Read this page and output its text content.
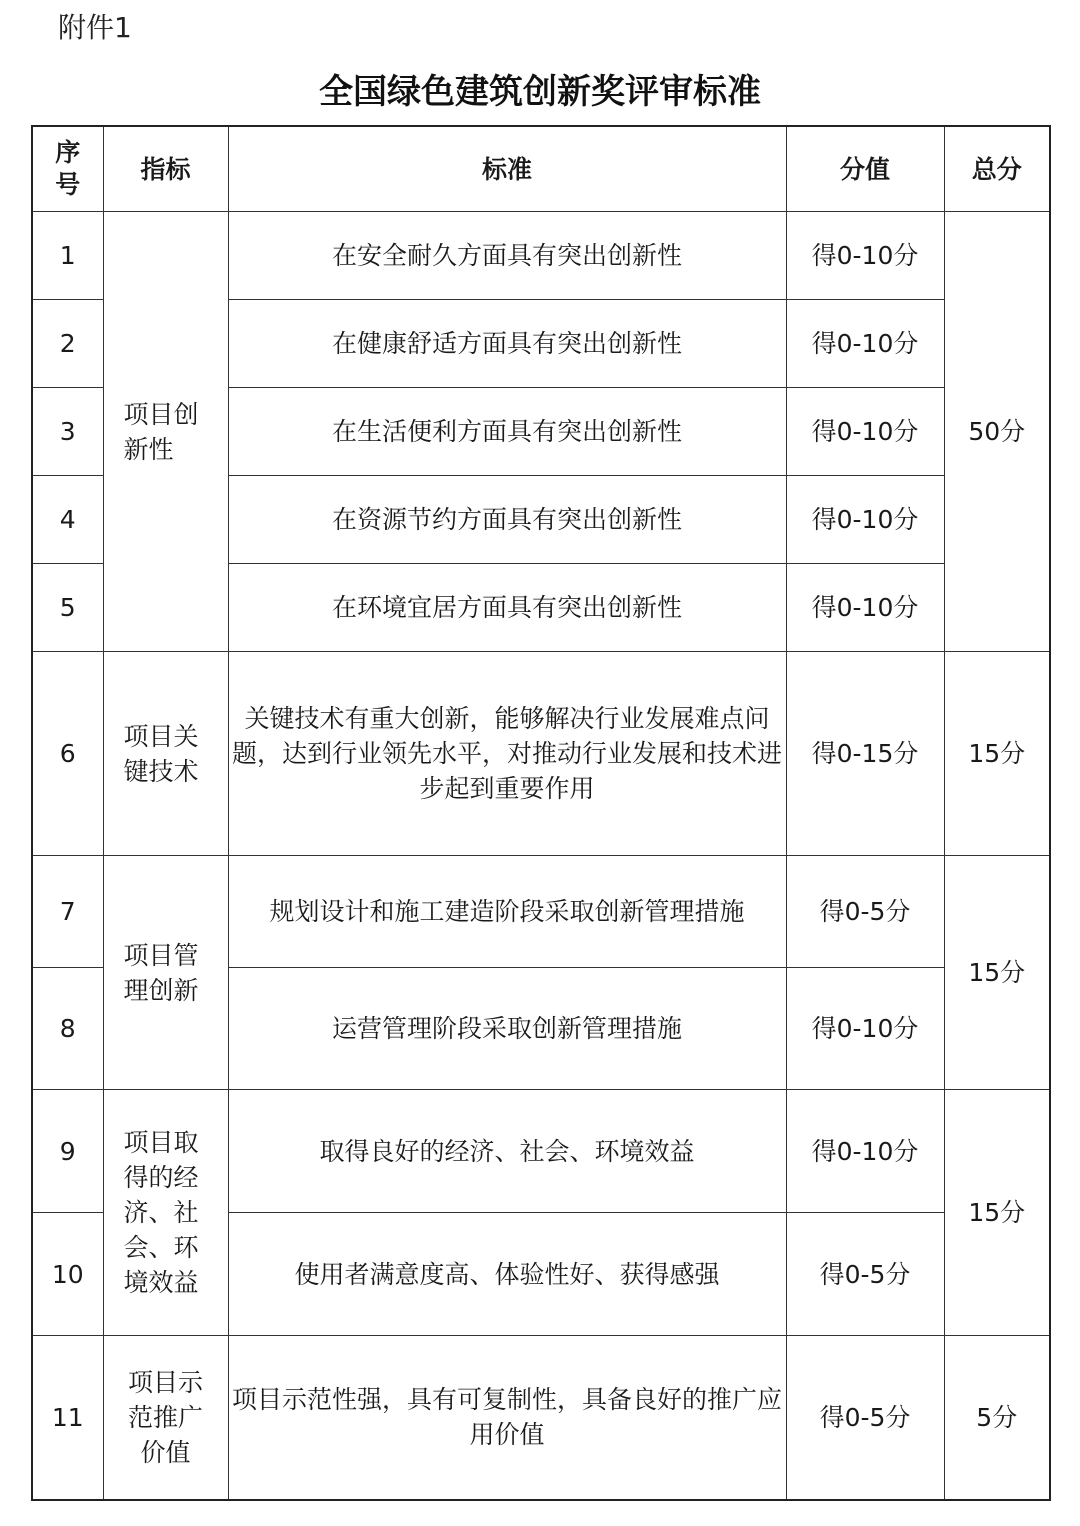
附件1
全国绿色建筑创新奖评审标准
序
号	指标	标准	分值	总分
1	项目创新性	在安全耐久方面具有突出创新性	得0-10分	50分
2		在健康舒适方面具有突出创新性	得0-10分	
3		在生活便利方面具有突出创新性	得0-10分	
4		在资源节约方面具有突出创新性	得0-10分	
5		在环境宜居方面具有突出创新性	得0-10分	
6	项目关键技术	关键技术有重大创新，能够解决行业发展难点问题，达到行业领先水平，对推动行业发展和技术进步起到重要作用	得0-15分	15分
7	项目管理创新	规划设计和施工建造阶段采取创新管理措施	得0-5分	15分
8		运营管理阶段采取创新管理措施	得0-10分	
9	项目取得的经济、社会、环境效益	取得良好的经济、社会、环境效益	得0-10分	15分
10		使用者满意度高、体验性好、获得感强	得0-5分	
11	项目示范推广价值	项目示范性强，具有可复制性，具备良好的推广应用价值	得0-5分	5分
